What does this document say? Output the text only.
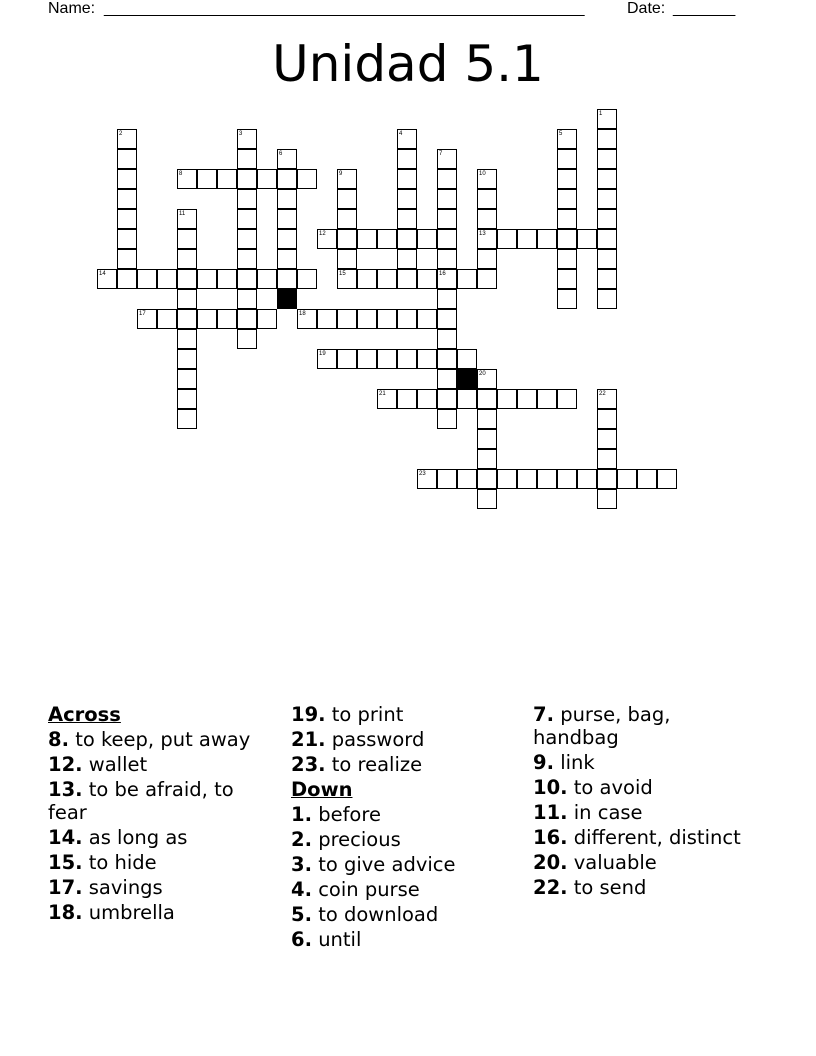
Name: ______________________________________________________	Date: _______
Unidad 5.1
1
2	3	4	5
6	7
8	9	10
11
12	13
14	15	16
17	18
19
20
21	22
23
Across
8. to keep, put away
12. wallet
13. to be afraid, to fear
14. as long as
15. to hide
17. savings
18. umbrella
19. to print
21. password
23. to realize
Down
1. before
2. precious
3. to give advice
4. coin purse
5. to download
6. until
7. purse, bag, handbag
9. link
10. to avoid
11. in case
16. different, distinct
20. valuable
22. to send
